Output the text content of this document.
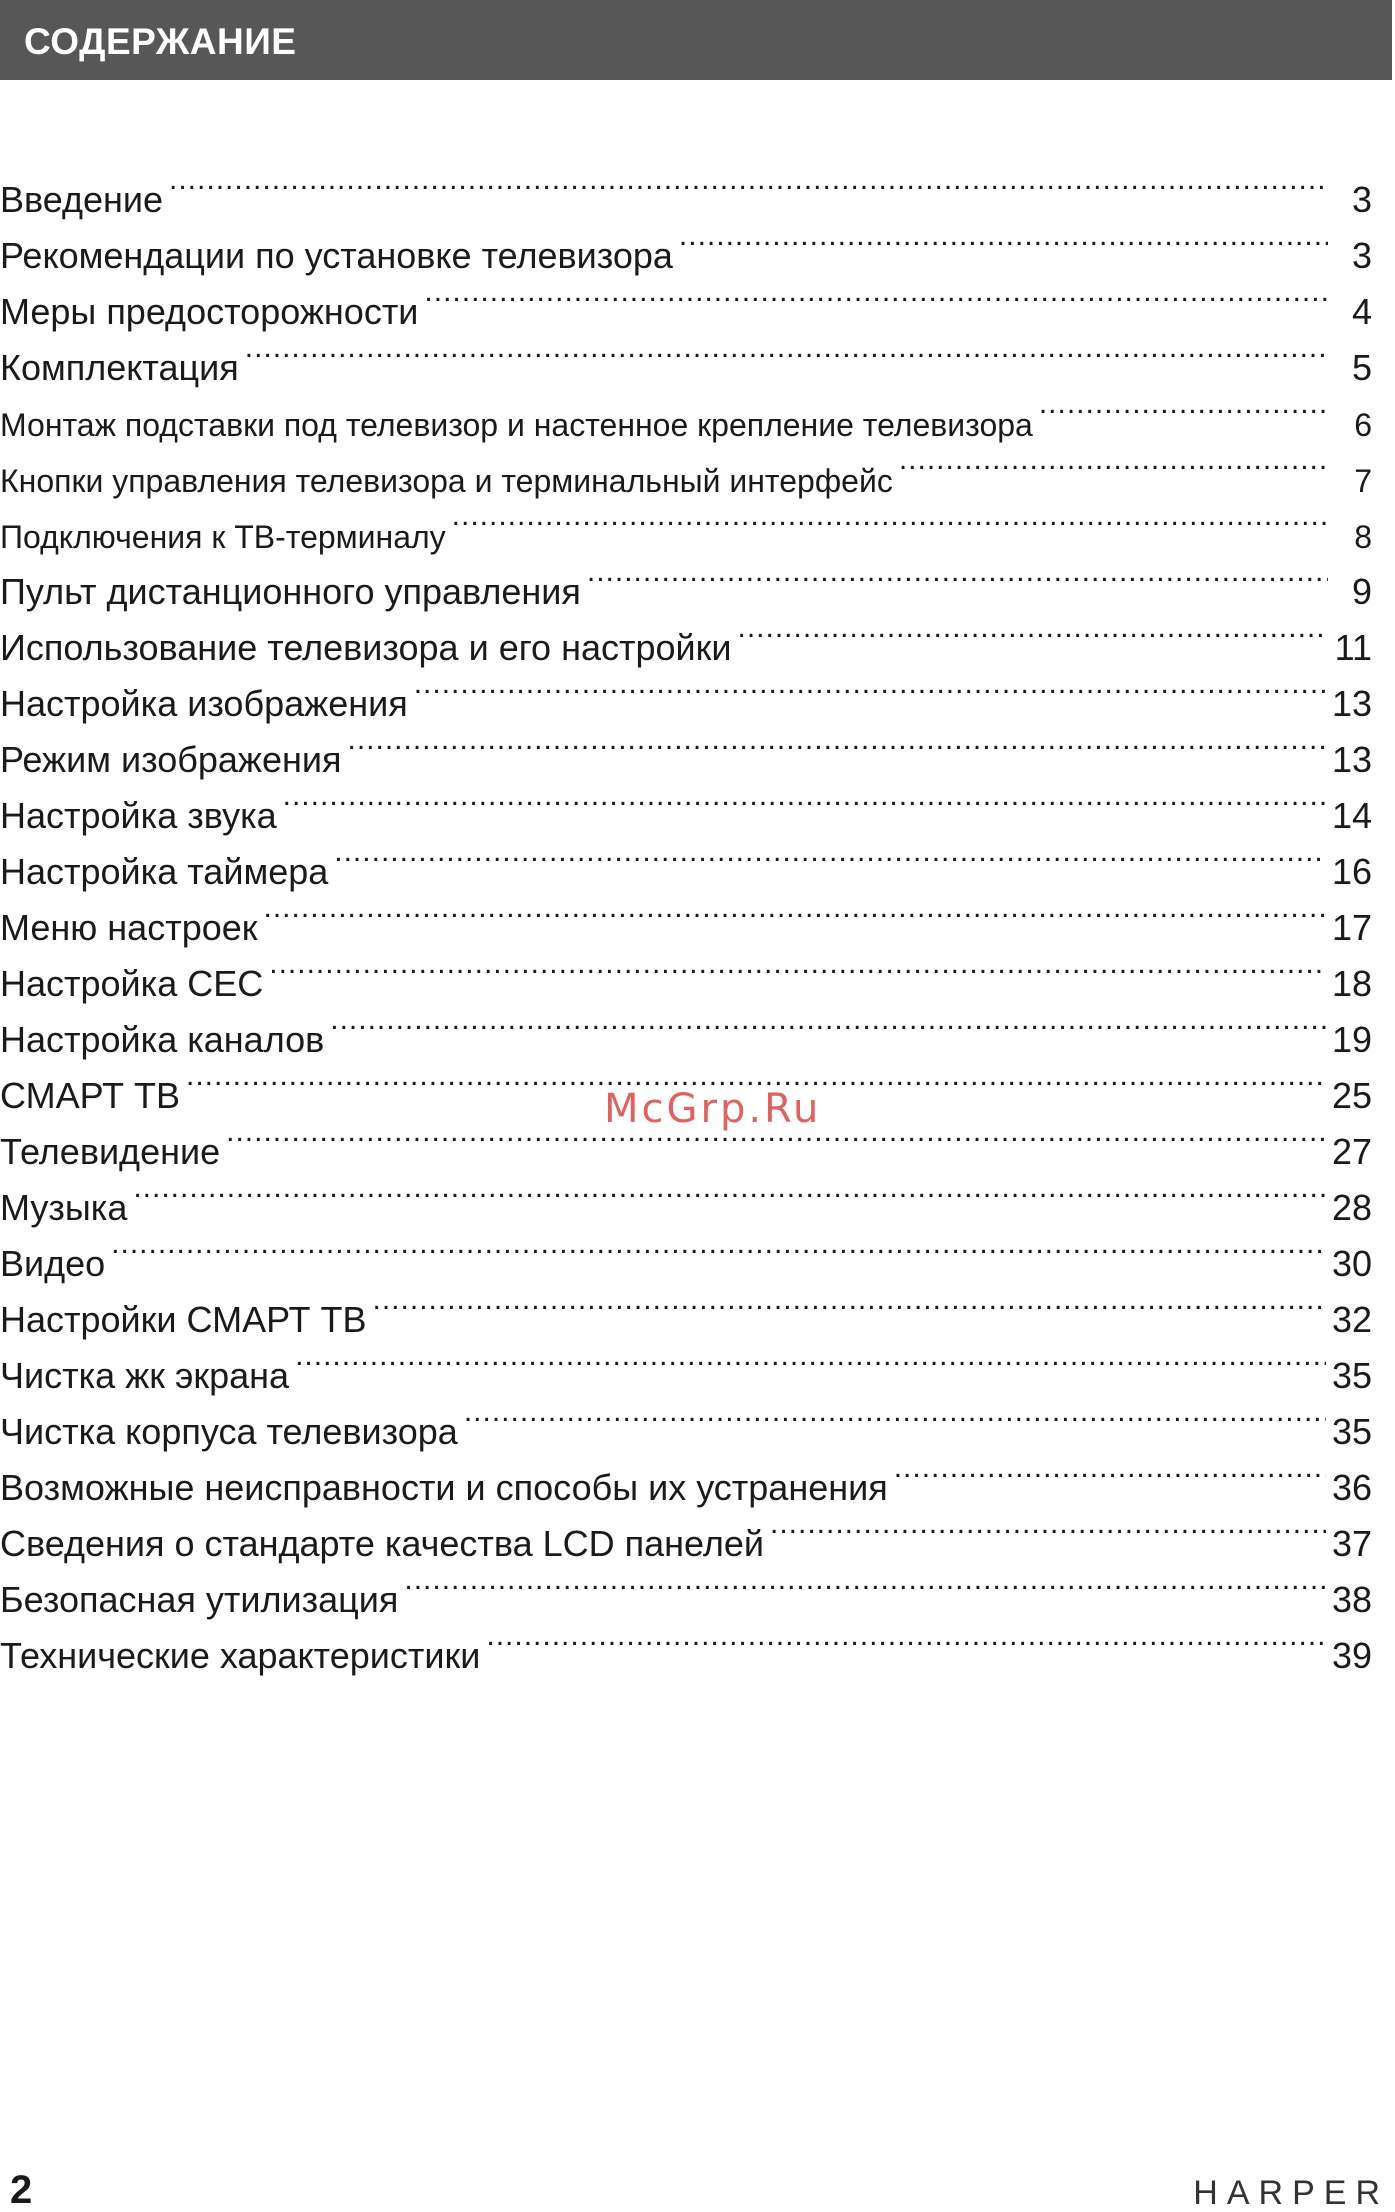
СОДЕРЖАНИЕ
Введение .....	3
Рекомендации по установке телевизора .....	3
Меры предосторожности .....	4
Комплектация .....	5
Монтаж подставки под телевизор и настенное крепление телевизора .....	6
Кнопки управления телевизора и терминальный интерфейс .....	7
Подключения к ТВ-терминалу .....	8
Пульт дистанционного управления .....	9
Использование телевизора и его настройки .....	11
Настройка изображения .....	13
Режим изображения .....	13
Настройка звука .....	14
Настройка таймера .....	16
Меню настроек .....	17
Настройка CEC .....	18
Настройка каналов .....	19
СМАРТ ТВ .....	25
Телевидение .....	27
Музыка .....	28
Видео .....	30
Настройки СМАРТ ТВ .....	32
Чистка жк экрана .....	35
Чистка корпуса телевизора .....	35
Возможные неисправности и способы их устранения .....	36
Сведения о стандарте качества LCD панелей .....	37
Безопасная утилизация .....	38
Технические характеристики .....	39
McGrp.Ru
2	HARPER
